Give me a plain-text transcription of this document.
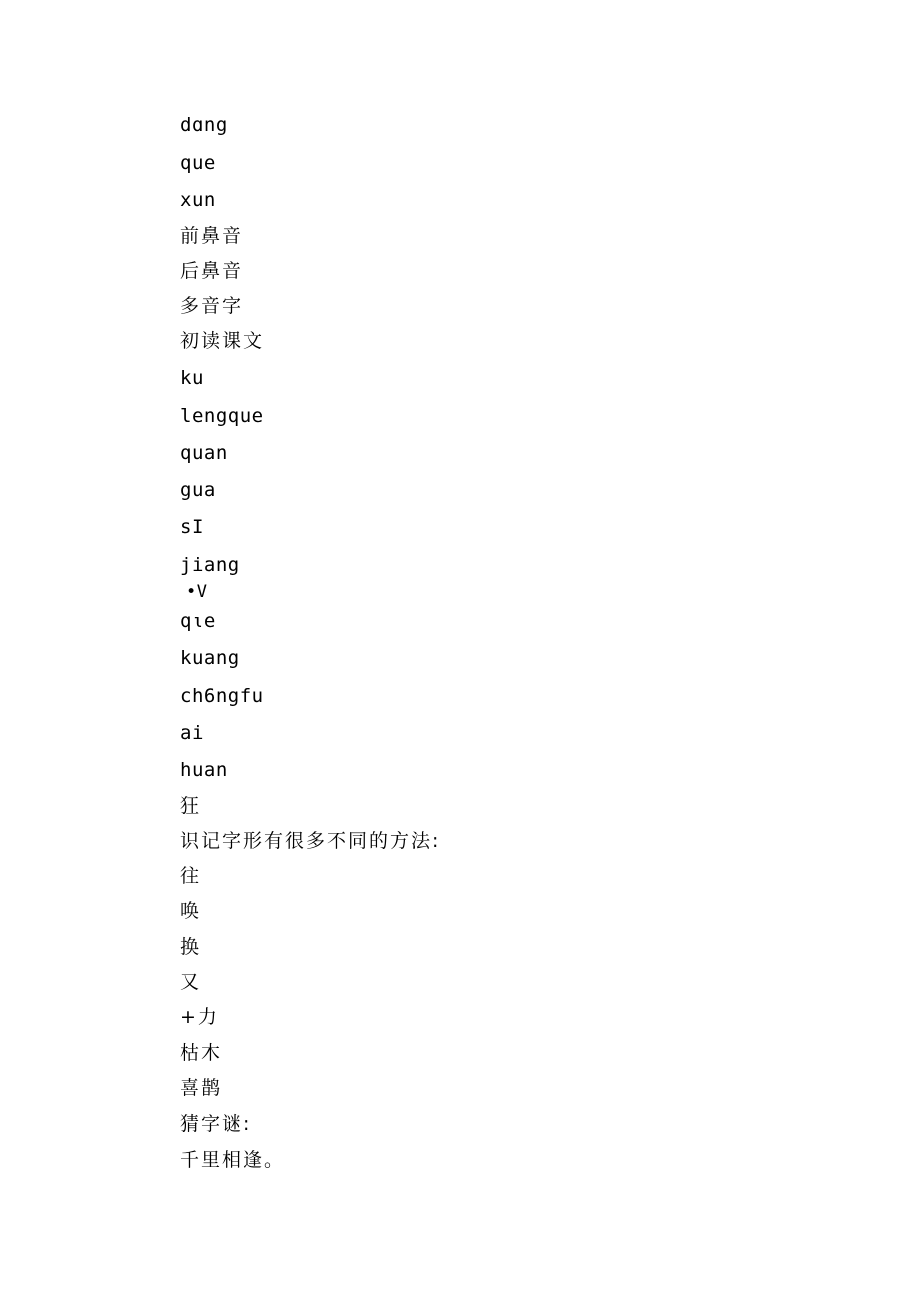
dɑng
que
xun
前鼻音
后鼻音
多音字
初读课文
ku
lengque
quan
gua
sI
jiang
•V
qιe
kuang
ch6ngfu
ai
huan
狂
识记字形有很多不同的方法:
往
唤
换
又
+力
枯木
喜鹊
猜字谜:
千里相逢。
